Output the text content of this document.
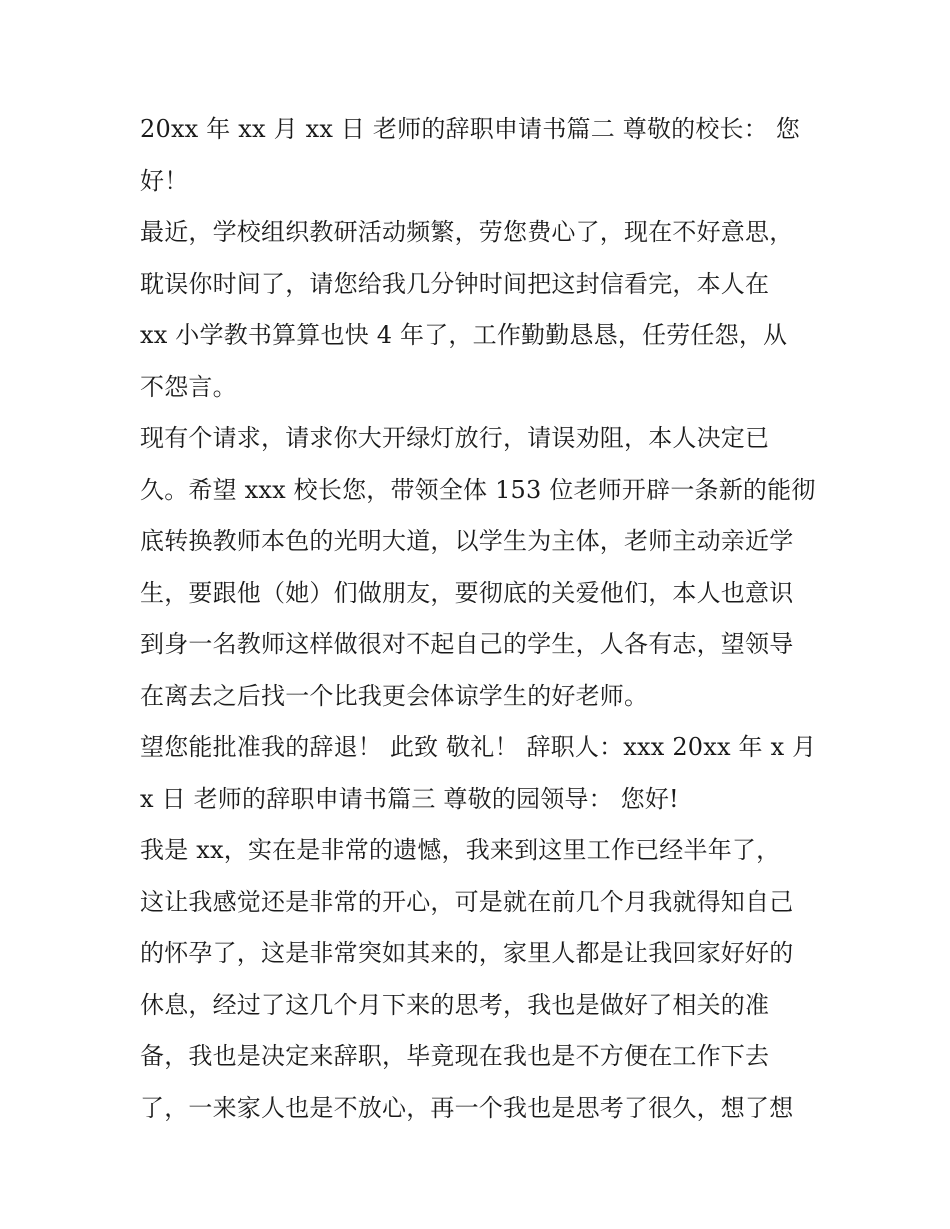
20xx 年 xx 月 xx 日 老师的辞职申请书篇二 尊敬的校长： 您
好！
最近，学校组织教研活动频繁，劳您费心了，现在不好意思，
耽误你时间了，请您给我几分钟时间把这封信看完，本人在
xx 小学教书算算也快 4 年了，工作勤勤恳恳，任劳任怨，从
不怨言。
现有个请求，请求你大开绿灯放行，请误劝阻，本人决定已
久。希望 xxx 校长您，带领全体 153 位老师开辟一条新的能彻
底转换教师本色的光明大道，以学生为主体，老师主动亲近学
生，要跟他（她）们做朋友，要彻底的关爱他们，本人也意识
到身一名教师这样做很对不起自己的学生，人各有志，望领导
在离去之后找一个比我更会体谅学生的好老师。
望您能批准我的辞退！ 此致 敬礼！ 辞职人：xxx 20xx 年 x 月
x 日 老师的辞职申请书篇三 尊敬的园领导： 您好!
我是 xx，实在是非常的遗憾，我来到这里工作已经半年了，
这让我感觉还是非常的开心，可是就在前几个月我就得知自己
的怀孕了，这是非常突如其来的，家里人都是让我回家好好的
休息，经过了这几个月下来的思考，我也是做好了相关的准
备，我也是决定来辞职，毕竟现在我也是不方便在工作下去
了，一来家人也是不放心，再一个我也是思考了很久，想了想
